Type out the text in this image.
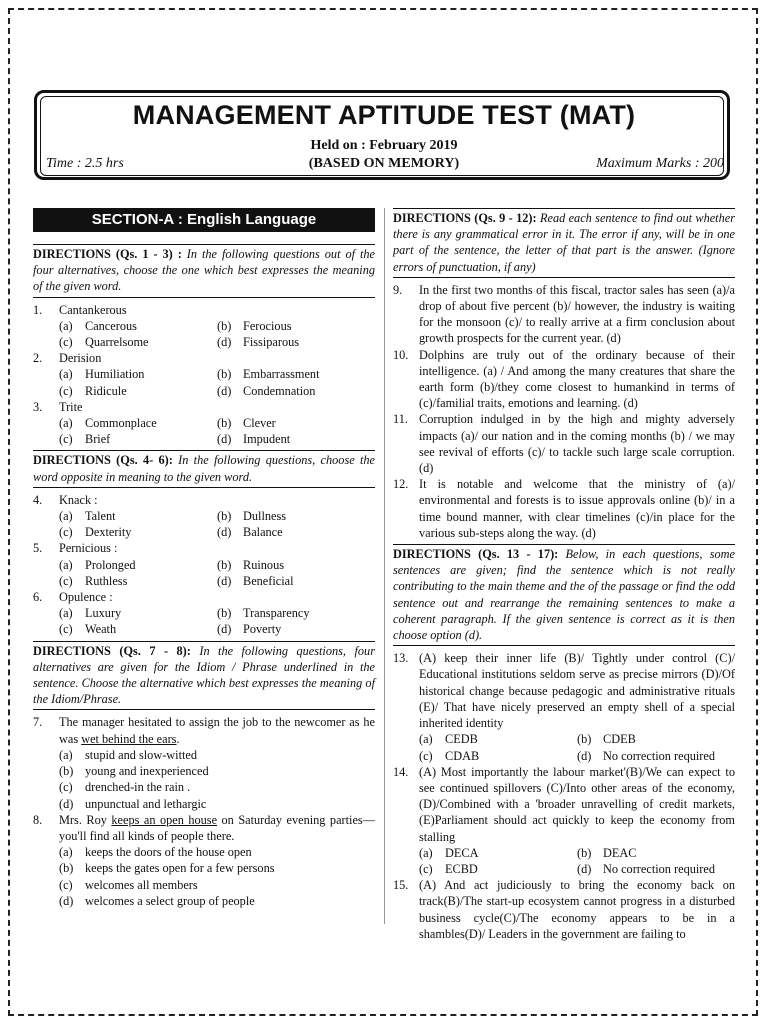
MANAGEMENT APTITUDE TEST (MAT)
Held on : February 2019
(BASED ON MEMORY)
Time : 2.5 hrs	Maximum Marks : 200
SECTION-A : English Language
DIRECTIONS (Qs. 1 - 3) : In the following questions out of the four alternatives, choose the one which best expresses the meaning of the given word.
1.	Cantankerous
(a)	Cancerous	(b) Ferocious
(c)	Quarrelsome	(d) Fissiparous
2.	Derision
(a)	Humiliation	(b) Embarrassment
(c)	Ridicule	(d) Condemnation
3.	Trite
(a)	Commonplace	(b) Clever
(c)	Brief	(d) Impudent
DIRECTIONS (Qs. 4- 6): In the following questions, choose the word opposite in meaning to the given word.
4.	Knack :
(a)	Talent	(b) Dullness
(c)	Dexterity	(d) Balance
5.	Pernicious :
(a)	Prolonged	(b) Ruinous
(c)	Ruthless	(d) Beneficial
6.	Opulence :
(a)	Luxury	(b) Transparency
(c)	Weath	(d) Poverty
DIRECTIONS (Qs. 7 - 8): In the following questions, four alternatives are given for the Idiom / Phrase underlined in the sentence. Choose the alternative which best expresses the meaning of the Idiom/Phrase.
7.	The manager hesitated to assign the job to the newcomer as he was wet behind the ears.
(a)	stupid and slow-witted
(b) young and inexperienced
(c)	drenched-in the rain .
(d) unpunctual and lethargic
8.	Mrs. Roy keeps an open house on Saturday evening parties— you'll find all kinds of people there.
(a)	keeps the doors of the house open
(b) keeps the gates open for a few persons
(c)	welcomes all members
(d) welcomes a select group of people
DIRECTIONS (Qs. 9 - 12): Read each sentence to find out whether there is any grammatical error in it. The error if any, will be in one part of the sentence, the letter of that part is the answer. (Ignore errors of punctuation, if any)
9.	In the first two months of this fiscal, tractor sales has seen (a)/a drop of about five percent (b)/ however, the industry is waiting for the monsoon (c)/ to really arrive at a firm conclusion about growth prospects for the current year. (d)
10. Dolphins are truly out of the ordinary because of their intelligence. (a) / And among the many creatures that share the earth form (b)/they come closest to humankind in terms of (c)/familial traits, emotions and learning. (d)
11. Corruption indulged in by the high and mighty adversely impacts (a)/ our nation and in the coming months (b) / we may see revival of efforts (c)/ to tackle such large scale corruption. (d)
12. It is notable and welcome that the ministry of (a)/ environmental and forests is to issue approvals online (b)/ in a time bound manner, with clear timelines (c)/in place for the various sub-steps along the way. (d)
DIRECTIONS (Qs. 13 - 17): Below, in each questions, some sentences are given; find the sentence which is not really contributing to the main theme and the of the passage or find the odd sentence out and rearrange the remaining sentences to make a coherent paragraph. If the given sentence is correct as it is then choose option (d).
13. (A) keep their inner life (B)/ Tightly under control (C)/ Educational institutions seldom serve as precise mirrors (D)/Of historical change because pedagogic and administrative rituals (E)/ That have nicely preserved an empty shell of a special inherited identity
(a)	CEDB	(b) CDEB
(c)	CDAB	(d) No correction required
14. (A) Most importantly the labour market'(B)/We can expect to see continued spillovers (C)/Into other areas of the economy, (D)/Combined with a 'broader unravelling of credit markets, (E)Parliament should act quickly to keep the economy from stalling
(a)	DECA	(b) DEAC
(c)	ECBD	(d) No correction required
15. (A) And act judiciously to bring the economy back on track(B)/The start-up ecosystem cannot progress in a disturbed business cycle(C)/The economy appears to be in a shambles(D)/ Leaders in the government are failing to
